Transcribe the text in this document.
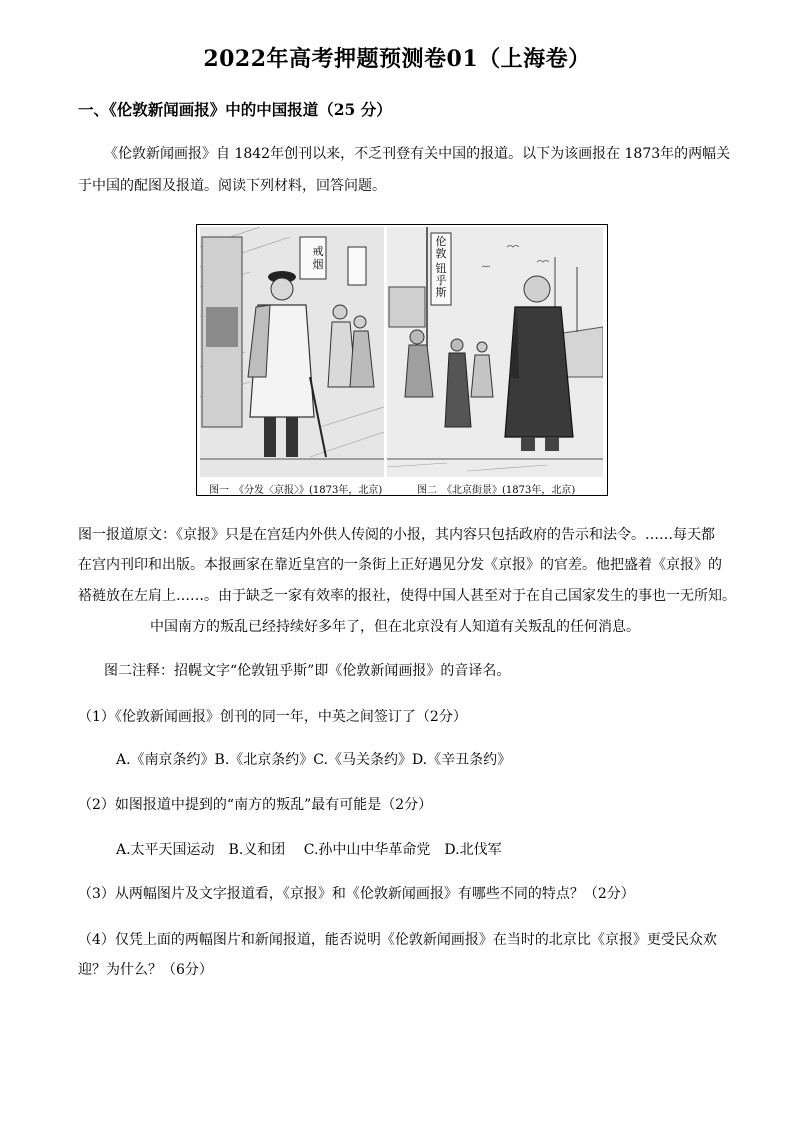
2022年高考押题预测卷01（上海卷）
一、《伦敦新闻画报》中的中国报道（25 分）
《伦敦新闻画报》自 1842年创刊以来，不乏刊登有关中国的报道。以下为该画报在 1873年的两幅关
于中国的配图及报道。阅读下列材料，回答问题。
戒烟
伦敦
钮乎斯
图一　《分发〈京报〉》(1873年，北京)	图二　《北京街景》(1873年，北京)
图一报道原文：《京报》只是在宫廷内外供人传阅的小报，其内容只包括政府的告示和法令。……每天都
在宫内刊印和出版。本报画家在靠近皇宫的一条街上正好遇见分发《京报》的官差。他把盛着《京报》的
褡裢放在左肩上……。由于缺乏一家有效率的报社，使得中国人甚至对于在自己国家发生的事也一无所知。
中国南方的叛乱已经持续好多年了，但在北京没有人知道有关叛乱的任何消息。
图二注释：招幌文字“伦敦钮乎斯”即《伦敦新闻画报》的音译名。
（1）《伦敦新闻画报》创刊的同一年，中英之间签订了（2分）
A.《南京条约》B.《北京条约》C.《马关条约》D.《辛丑条约》
（2）如图报道中提到的“南方的叛乱”最有可能是（2分）
A.太平天国运动　B.义和团　 C.孙中山中华革命党　D.北伐军
（3）从两幅图片及文字报道看，《京报》和《伦敦新闻画报》有哪些不同的特点？（2分）
（4）仅凭上面的两幅图片和新闻报道，能否说明《伦敦新闻画报》在当时的北京比《京报》更受民众欢
迎？为什么？（6分）
